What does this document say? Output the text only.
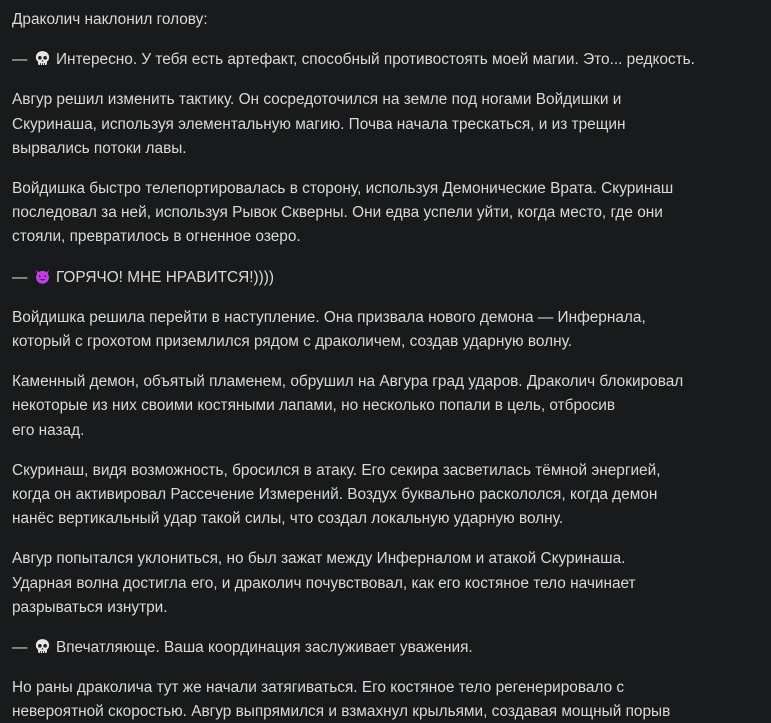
Драколич наклонил голову:

—  Интересно. У тебя есть артефакт, способный противостоять моей магии. Это... редкость.

Авгур решил изменить тактику. Он сосредоточился на земле под ногами Войдишки и
Скуринаша, используя элементальную магию. Почва начала трескаться, и из трещин
вырвались потоки лавы.

Войдишка быстро телепортировалась в сторону, используя Демонические Врата. Скуринаш
последовал за ней, используя Рывок Скверны. Они едва успели уйти, когда место, где они
стояли, превратилось в огненное озеро.

—  ГОРЯЧО! МНЕ НРАВИТСЯ!))))

Войдишка решила перейти в наступление. Она призвала нового демона — Инфернала,
который с грохотом приземлился рядом с драколичем, создав ударную волну.

Каменный демон, объятый пламенем, обрушил на Авгура град ударов. Драколич блокировал
некоторые из них своими костяными лапами, но несколько попали в цель, отбросив
его назад.

Скуринаш, видя возможность, бросился в атаку. Его секира засветилась тёмной энергией,
когда он активировал Рассечение Измерений. Воздух буквально раскололся, когда демон
нанёс вертикальный удар такой силы, что создал локальную ударную волну.

Авгур попытался уклониться, но был зажат между Инферналом и атакой Скуринаша.
Ударная волна достигла его, и драколич почувствовал, как его костяное тело начинает
разрываться изнутри.

—  Впечатляюще. Ваша координация заслуживает уважения.

Но раны драколича тут же начали затягиваться. Его костяное тело регенерировало с
невероятной скоростью. Авгур выпрямился и взмахнул крыльями, создавая мощный порыв
